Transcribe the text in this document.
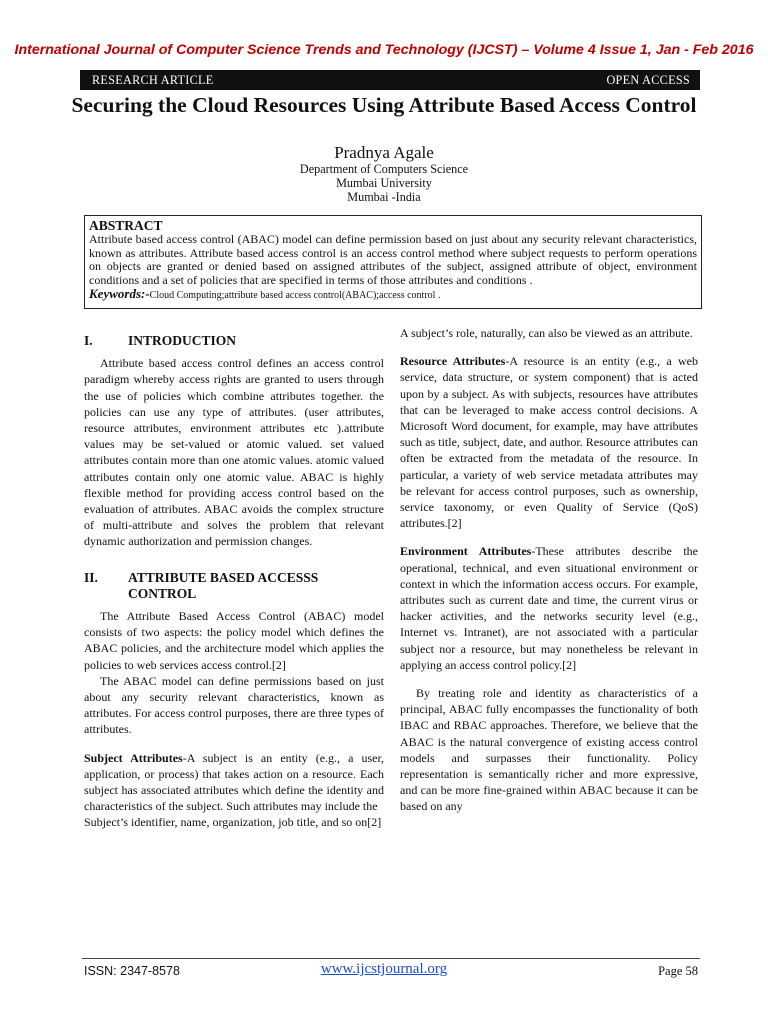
International Journal of Computer Science Trends and Technology (IJCST) – Volume 4 Issue 1, Jan - Feb 2016
RESEARCH ARTICLE	OPEN ACCESS
Securing the Cloud Resources Using Attribute Based Access Control
Pradnya Agale
Department of Computers Science
Mumbai University
Mumbai -India
ABSTRACT
Attribute based access control (ABAC) model can define permission based on just about any security relevant characteristics, known as attributes. Attribute based access control is an access control method where subject requests to perform operations on objects are granted or denied based on assigned attributes of the subject, assigned attribute of object, environment conditions and a set of policies that are specified in terms of those attributes and conditions .
Keywords:-Cloud Computing;attribute based access control(ABAC);access control .
I.	INTRODUCTION
Attribute based access control defines an access control paradigm whereby access rights are granted to users through the use of policies which combine attributes together. the policies can use any type of attributes. (user attributes, resource attributes, environment attributes etc ).attribute values may be set-valued or atomic valued. set valued attributes contain more than one atomic values. atomic valued attributes contain only one atomic value. ABAC is highly flexible method for providing access control based on the evaluation of attributes. ABAC avoids the complex structure of multi-attribute and solves the problem that relevant dynamic authorization and permission changes.
II.	ATTRIBUTE BASED ACCESSS CONTROL
The Attribute Based Access Control (ABAC) model consists of two aspects: the policy model which defines the ABAC policies, and the architecture model which applies the policies to web services access control.[2]
The ABAC model can define permissions based on just about any security relevant characteristics, known as attributes. For access control purposes, there are three types of attributes.
Subject Attributes-A subject is an entity (e.g., a user, application, or process) that takes action on a resource. Each subject has associated attributes which define the identity and characteristics of the subject. Such attributes may include the
Subject’s identifier, name, organization, job title, and so on[2]
A subject’s role, naturally, can also be viewed as an attribute.
Resource Attributes-A resource is an entity (e.g., a web service, data structure, or system component) that is acted upon by a subject. As with subjects, resources have attributes that can be leveraged to make access control decisions. A Microsoft Word document, for example, may have attributes such as title, subject, date, and author. Resource attributes can often be extracted from the metadata of the resource. In particular, a variety of web service metadata attributes may be relevant for access control purposes, such as ownership, service taxonomy, or even Quality of Service (QoS) attributes.[2]
Environment Attributes-These attributes describe the operational, technical, and even situational environment or context in which the information access occurs. For example, attributes such as current date and time, the current virus or hacker activities, and the networks security level (e.g., Internet vs. Intranet), are not associated with a particular subject nor a resource, but may nonetheless be relevant in applying an access control policy.[2]
By treating role and identity as characteristics of a principal, ABAC fully encompasses the functionality of both IBAC and RBAC approaches. Therefore, we believe that the ABAC is the natural convergence of existing access control models and surpasses their functionality. Policy representation is semantically richer and more expressive, and can be more fine-grained within ABAC because it can be based on any
ISSN: 2347-8578	www.ijcstjournal.org	Page 58
